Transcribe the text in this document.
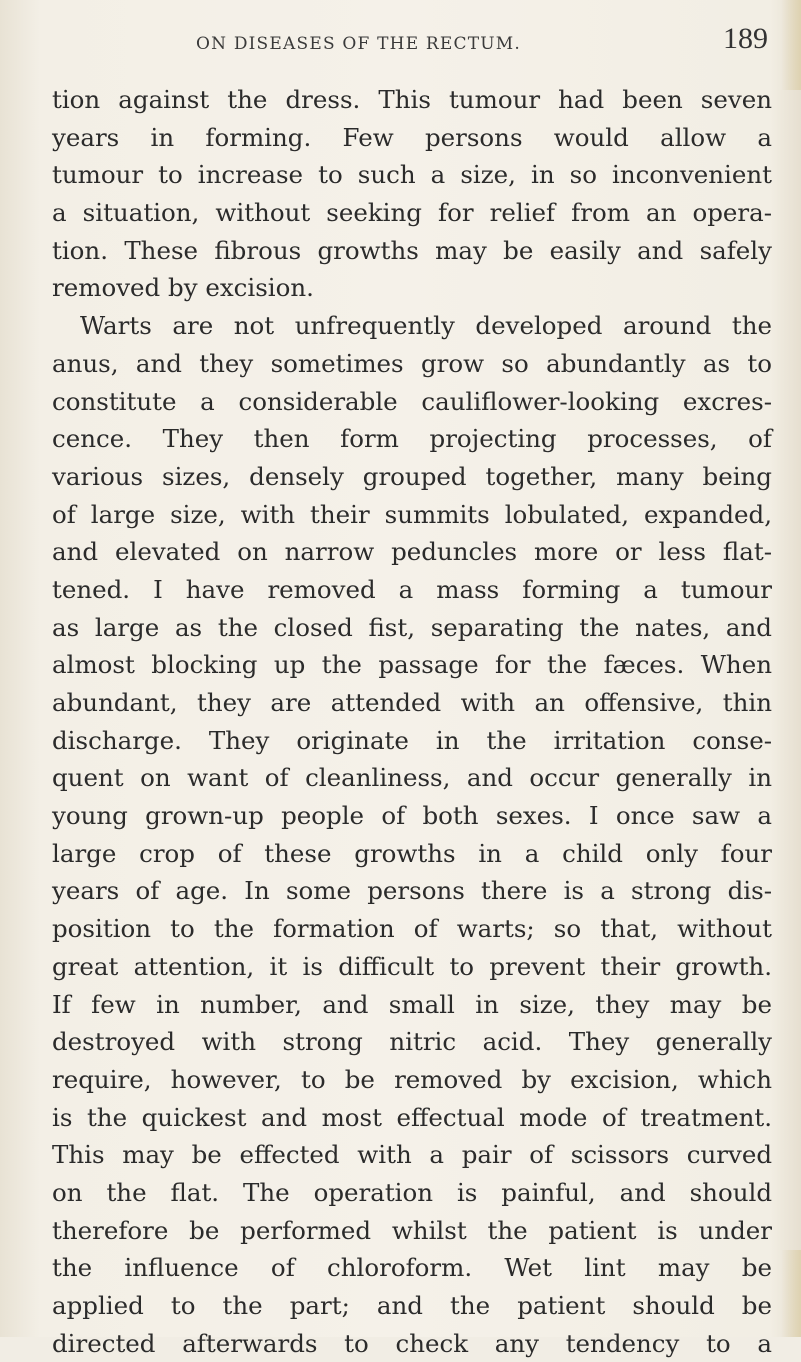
ON DISEASES OF THE RECTUM.	189
tion against the dress. This tumour had been seven
years in forming. Few persons would allow a
tumour to increase to such a size, in so inconvenient
a situation, without seeking for relief from an opera-
tion. These fibrous growths may be easily and safely
removed by excision.
Warts are not unfrequently developed around the
anus, and they sometimes grow so abundantly as to
constitute a considerable cauliflower-looking excres-
cence. They then form projecting processes, of
various sizes, densely grouped together, many being
of large size, with their summits lobulated, expanded,
and elevated on narrow peduncles more or less flat-
tened. I have removed a mass forming a tumour
as large as the closed fist, separating the nates, and
almost blocking up the passage for the fæces. When
abundant, they are attended with an offensive, thin
discharge. They originate in the irritation conse-
quent on want of cleanliness, and occur generally in
young grown-up people of both sexes. I once saw a
large crop of these growths in a child only four
years of age. In some persons there is a strong dis-
position to the formation of warts; so that, without
great attention, it is difficult to prevent their growth.
If few in number, and small in size, they may be
destroyed with strong nitric acid. They generally
require, however, to be removed by excision, which
is the quickest and most effectual mode of treatment.
This may be effected with a pair of scissors curved
on the flat. The operation is painful, and should
therefore be performed whilst the patient is under
the influence of chloroform. Wet lint may be
applied to the part; and the patient should be
directed afterwards to check any tendency to a
